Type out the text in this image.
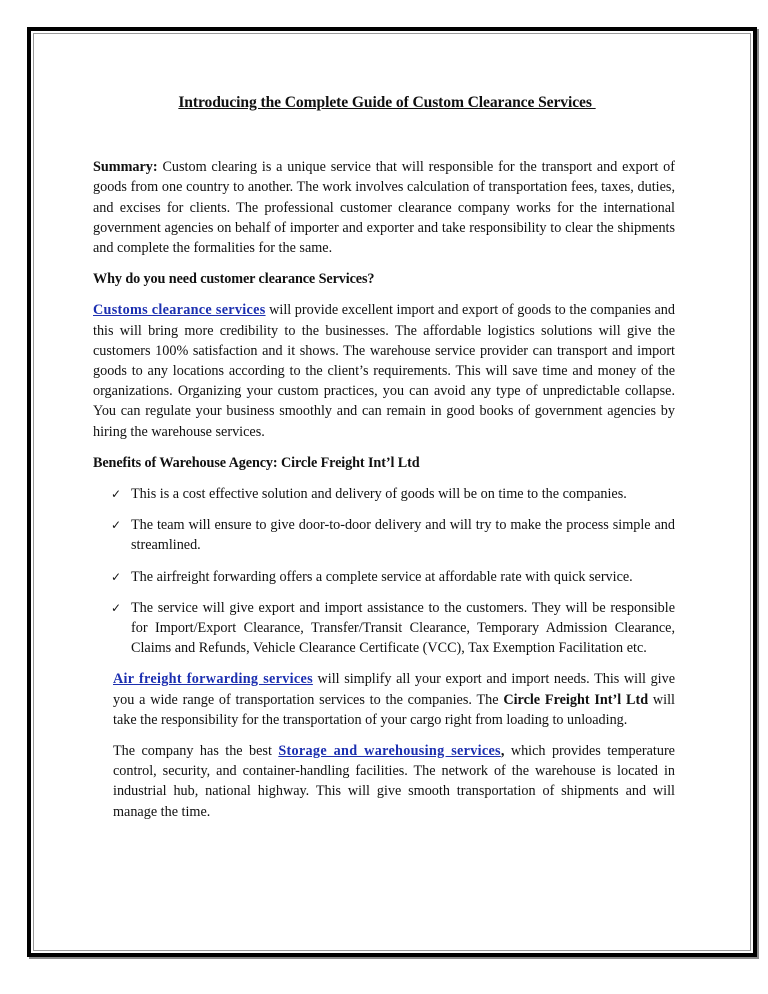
Introducing the Complete Guide of Custom Clearance Services

Summary: Custom clearing is a unique service that will responsible for the transport and export of goods from one country to another. The work involves calculation of transportation fees, taxes, duties, and excises for clients. The professional customer clearance company works for the international government agencies on behalf of importer and exporter and take responsibility to clear the shipments and complete the formalities for the same.

Why do you need customer clearance Services?

Customs clearance services will provide excellent import and export of goods to the companies and this will bring more credibility to the businesses. The affordable logistics solutions will give the customers 100% satisfaction and it shows. The warehouse service provider can transport and import goods to any locations according to the client’s requirements. This will save time and money of the organizations. Organizing your custom practices, you can avoid any type of unpredictable collapse. You can regulate your business smoothly and can remain in good books of government agencies by hiring the warehouse services.

Benefits of Warehouse Agency: Circle Freight Int’l Ltd
✓ This is a cost effective solution and delivery of goods will be on time to the companies.
✓ The team will ensure to give door-to-door delivery and will try to make the process simple and streamlined.
✓ The airfreight forwarding offers a complete service at affordable rate with quick service.
✓ The service will give export and import assistance to the customers. They will be responsible for Import/Export Clearance, Transfer/Transit Clearance, Temporary Admission Clearance, Claims and Refunds, Vehicle Clearance Certificate (VCC), Tax Exemption Facilitation etc.

Air freight forwarding services will simplify all your export and import needs. This will give you a wide range of transportation services to the companies. The Circle Freight Int’l Ltd will take the responsibility for the transportation of your cargo right from loading to unloading.

The company has the best Storage and warehousing services, which provides temperature control, security, and container-handling facilities. The network of the warehouse is located in industrial hub, national highway. This will give smooth transportation of shipments and will manage the time.
